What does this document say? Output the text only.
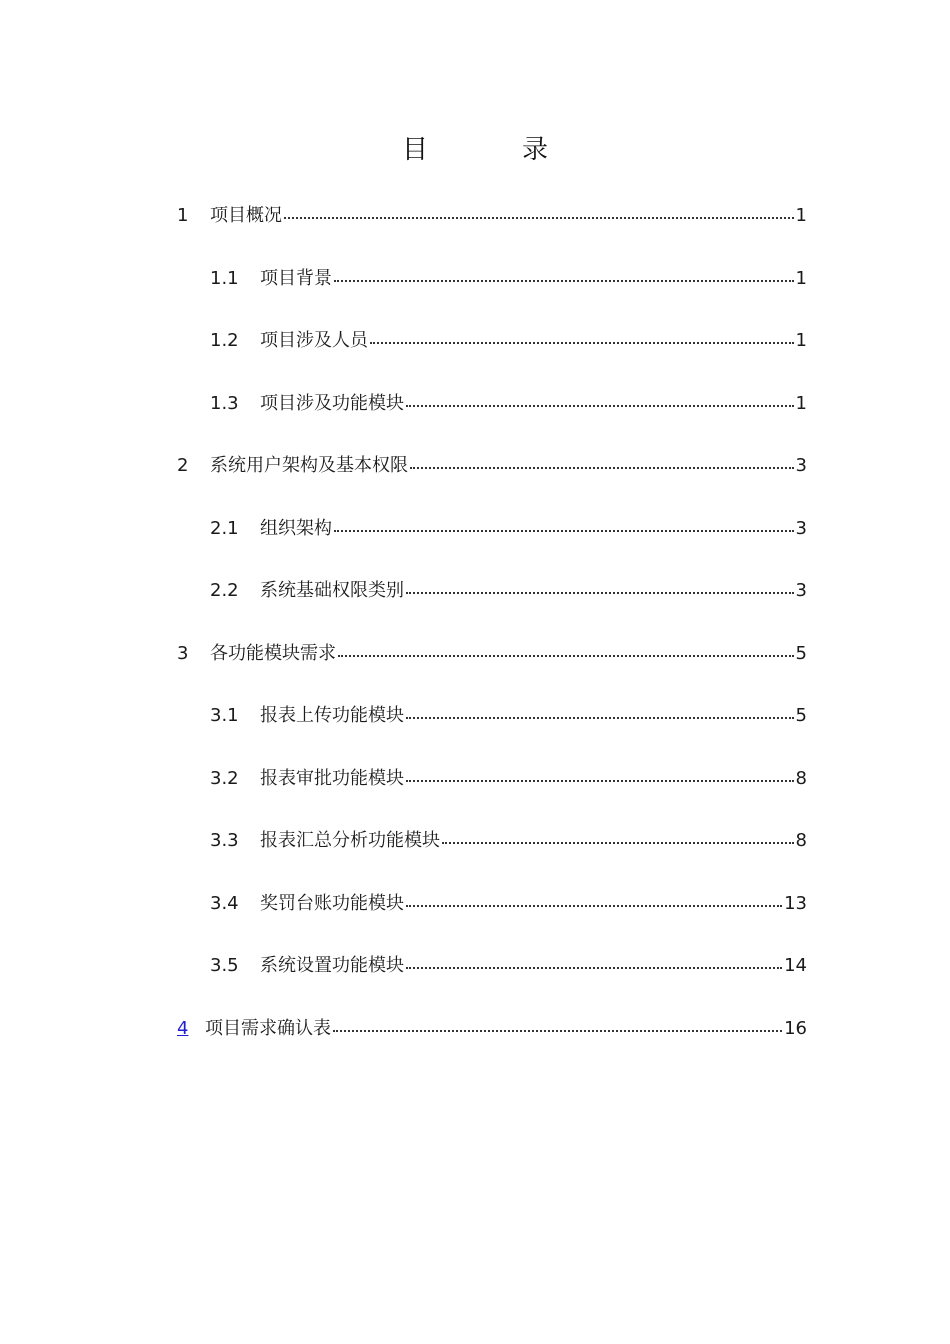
目　录
1	项目概况	1
1.1	项目背景	1
1.2	项目涉及人员	1
1.3	项目涉及功能模块	1
2	系统用户架构及基本权限	3
2.1	组织架构	3
2.2	系统基础权限类别	3
3	各功能模块需求	5
3.1	报表上传功能模块	5
3.2	报表审批功能模块	8
3.3	报表汇总分析功能模块	8
3.4	奖罚台账功能模块	13
3.5	系统设置功能模块	14
4 项目需求确认表	16
